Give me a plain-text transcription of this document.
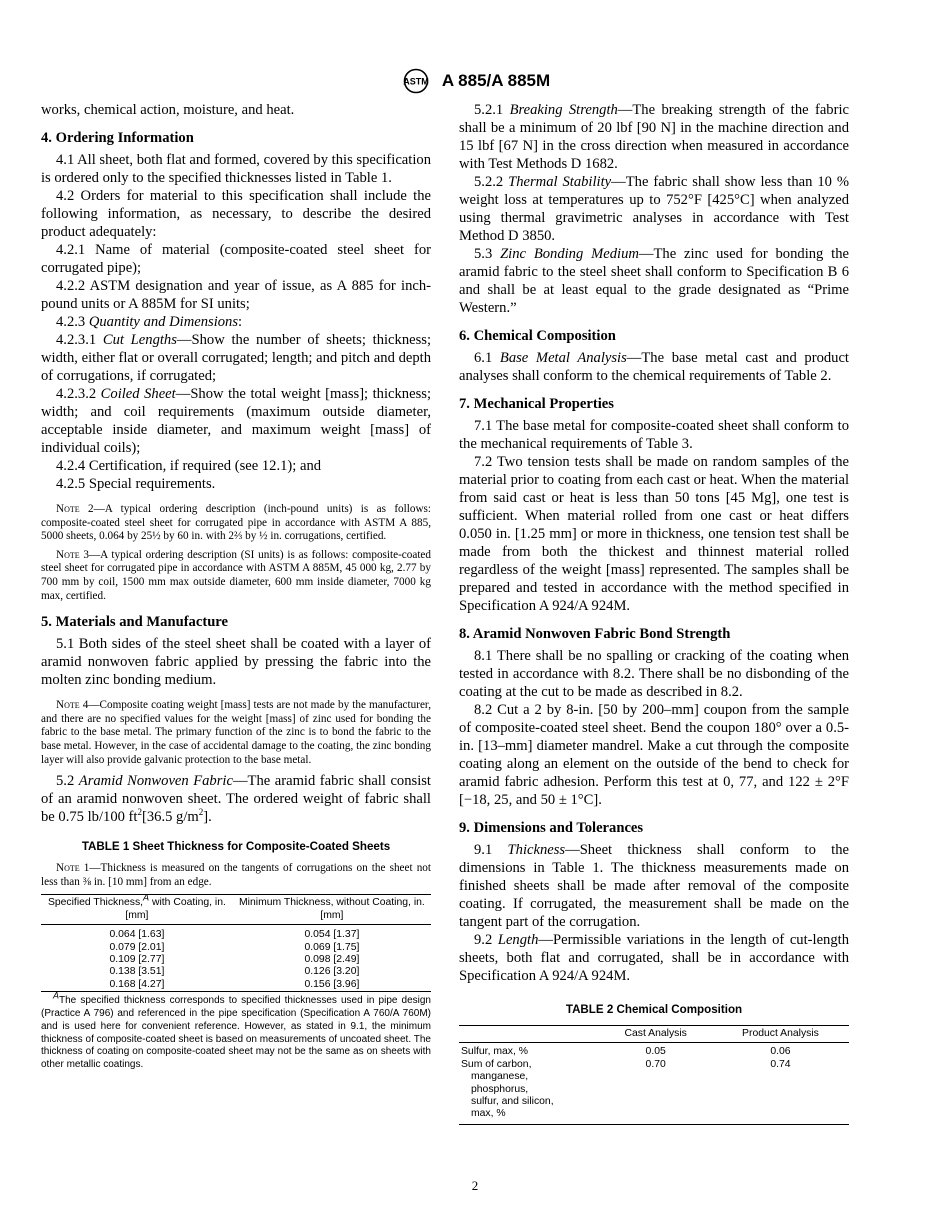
ASTM A 885/A 885M

works, chemical action, moisture, and heat.

4. Ordering Information

4.1 All sheet, both flat and formed, covered by this specification is ordered only to the specified thicknesses listed in Table 1.

4.2 Orders for material to this specification shall include the following information, as necessary, to describe the desired product adequately:

4.2.1 Name of material (composite-coated steel sheet for corrugated pipe);

4.2.2 ASTM designation and year of issue, as A 885 for inch-pound units or A 885M for SI units;

4.2.3 Quantity and Dimensions:

4.2.3.1 Cut Lengths—Show the number of sheets; thickness; width, either flat or overall corrugated; length; and pitch and depth of corrugations, if corrugated;

4.2.3.2 Coiled Sheet—Show the total weight [mass]; thickness; width; and coil requirements (maximum outside diameter, acceptable inside diameter, and maximum weight [mass] of individual coils);

4.2.4 Certification, if required (see 12.1); and

4.2.5 Special requirements.

Note 2—A typical ordering description (inch-pound units) is as follows: composite-coated steel sheet for corrugated pipe in accordance with ASTM A 885, 5000 sheets, 0.064 by 25½ by 60 in. with 2⅔ by ½ in. corrugations, certified.

Note 3—A typical ordering description (SI units) is as follows: composite-coated steel sheet for corrugated pipe in accordance with ASTM A 885M, 45 000 kg, 2.77 by 700 mm by coil, 1500 mm max outside diameter, 600 mm inside diameter, 7000 kg max, certified.

5. Materials and Manufacture

5.1 Both sides of the steel sheet shall be coated with a layer of aramid nonwoven fabric applied by pressing the fabric into the molten zinc bonding medium.

Note 4—Composite coating weight [mass] tests are not made by the manufacturer, and there are no specified values for the weight [mass] of zinc used for bonding the fabric to the base metal. The primary function of the zinc is to bond the fabric to the base metal. However, in the case of accidental damage to the coating, the zinc bonding layer will also provide galvanic protection to the base metal.

5.2 Aramid Nonwoven Fabric—The aramid fabric shall consist of an aramid nonwoven sheet. The ordered weight of fabric shall be 0.75 lb/100 $ft^2[36.5$ $g/m^2$].

TABLE 1 Sheet Thickness for Composite-Coated Sheets

Note 1—Thickness is measured on the tangents of corrugations on the sheet not less than ⅜ in. [10 mm] from an edge.

Specified Thickness,$^A$ with Coating, in. [mm]	Minimum Thickness, without Coating, in. [mm]

0.064 [1.63]	0.054 [1.37]
0.079 [2.01]	0.069 [1.75]
0.109 [2.77]	0.098 [2.49]
0.138 [3.51]	0.126 [3.20]
0.168 [4.27]	0.156 [3.96]

$^A$The specified thickness corresponds to specified thicknesses used in pipe design (Practice A 796) and referenced in the pipe specification (Specification A 760/A 760M) and is used here for convenient reference. However, as stated in 9.1, the minimum thickness of composite-coated sheet is based on measurements of uncoated sheet. The thickness of coating on composite-coated sheet may not be the same as on sheets with other metallic coatings.

5.2.1 Breaking Strength—The breaking strength of the fabric shall be a minimum of 20 lbf [90 N] in the machine direction and 15 lbf [67 N] in the cross direction when measured in accordance with Test Methods D 1682.

5.2.2 Thermal Stability—The fabric shall show less than 10 % weight loss at temperatures up to 752°F [425°C] when analyzed using thermal gravimetric analyses in accordance with Test Method D 3850.

5.3 Zinc Bonding Medium—The zinc used for bonding the aramid fabric to the steel sheet shall conform to Specification B 6 and shall be at least equal to the grade designated as “Prime Western.”

6. Chemical Composition

6.1 Base Metal Analysis—The base metal cast and product analyses shall conform to the chemical requirements of Table 2.

7. Mechanical Properties

7.1 The base metal for composite-coated sheet shall conform to the mechanical requirements of Table 3.

7.2 Two tension tests shall be made on random samples of the material prior to coating from each cast or heat. When the material from said cast or heat is less than 50 tons [45 Mg], one test is sufficient. When material rolled from one cast or heat differs 0.050 in. [1.25 mm] or more in thickness, one tension test shall be made from both the thickest and thinnest material rolled regardless of the weight [mass] represented. The samples shall be prepared and tested in accordance with the method specified in Specification A 924/A 924M.

8. Aramid Nonwoven Fabric Bond Strength

8.1 There shall be no spalling or cracking of the coating when tested in accordance with 8.2. There shall be no disbonding of the coating at the cut to be made as described in 8.2.

8.2 Cut a 2 by 8-in. [50 by 200–mm] coupon from the sample of composite-coated steel sheet. Bend the coupon 180° over a 0.5-in. [13–mm] diameter mandrel. Make a cut through the composite coating along an element on the outside of the bend to check for aramid fabric adhesion. Perform this test at 0, 77, and 122 ± 2°F [−18, 25, and 50 ± 1°C].

9. Dimensions and Tolerances

9.1 Thickness—Sheet thickness shall conform to the dimensions in Table 1. The thickness measurements made on finished sheets shall be made after removal of the composite coating. If corrugated, the measurement shall be made on the tangent part of the corrugation.

9.2 Length—Permissible variations in the length of cut-length sheets, both flat and corrugated, shall be in accordance with Specification A 924/A 924M.

TABLE 2 Chemical Composition
	Cast Analysis	Product Analysis

Sulfur, max, %	0.05	0.06

Sum of carbon,
manganese,
phosphorus,
sulfur, and silicon,
max, %	0.70	0.74
2
